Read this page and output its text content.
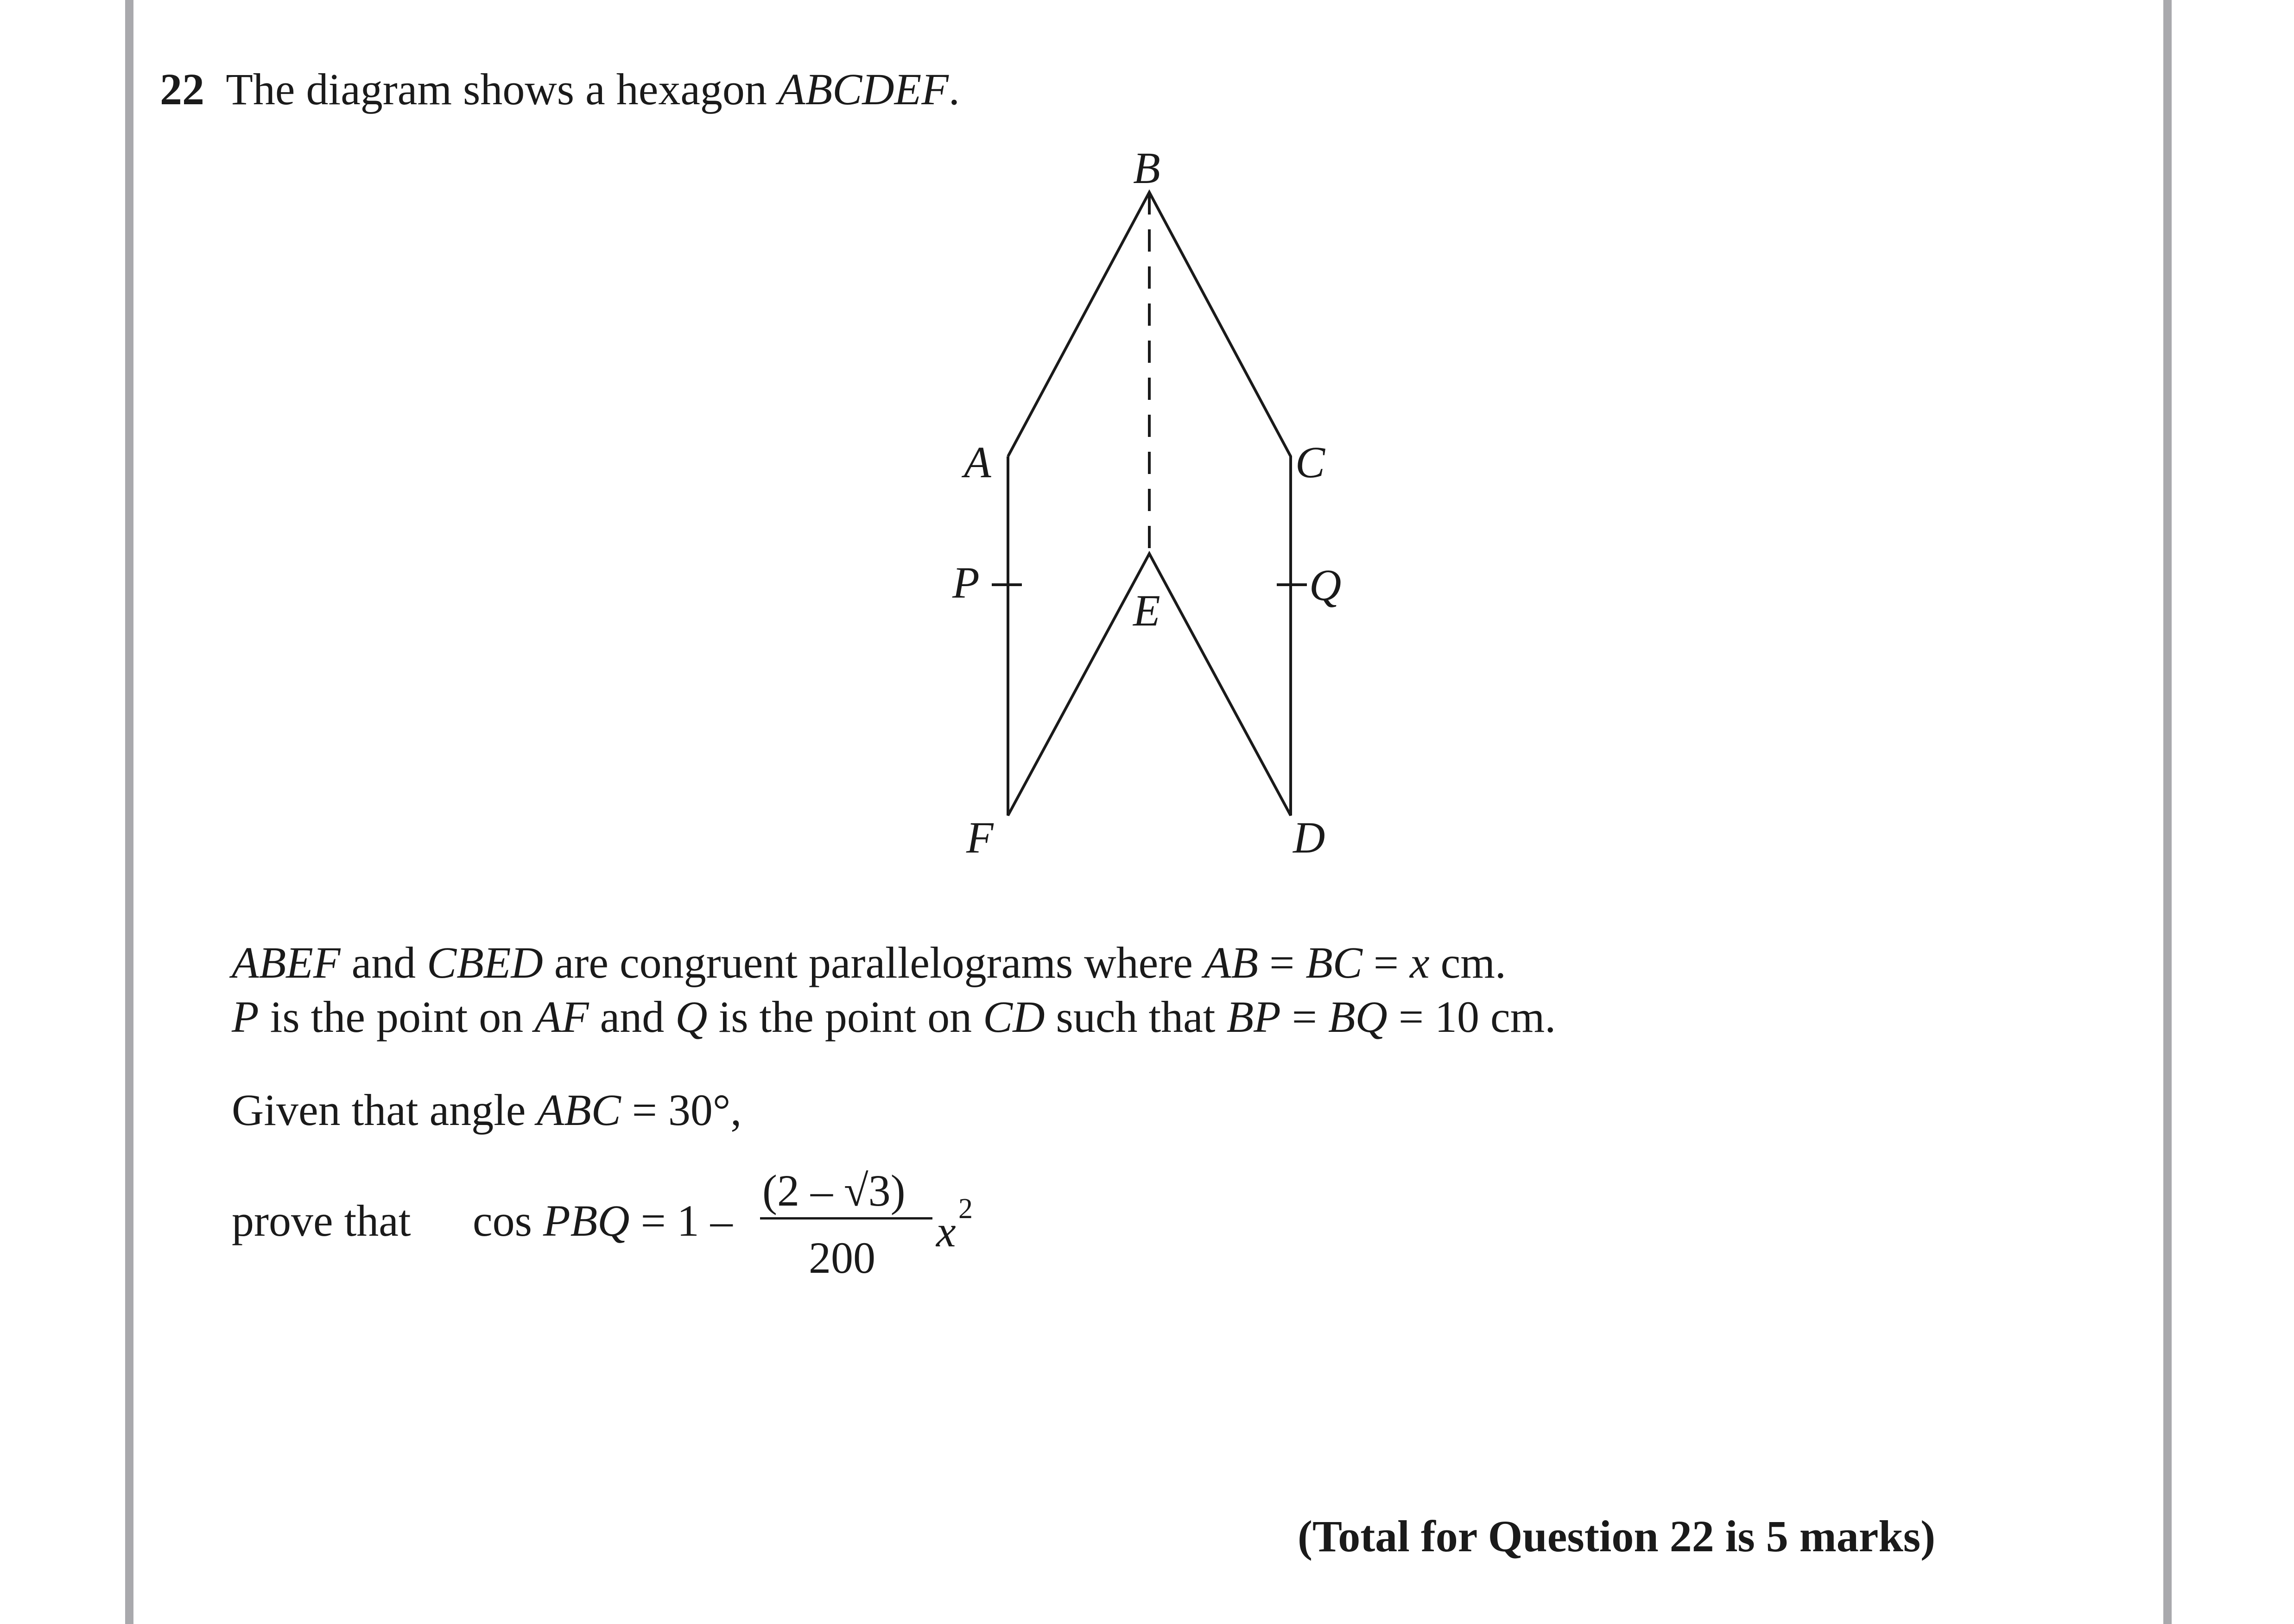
22 The diagram shows a hexagon ABCDEF.
B
A	C
P	Q
E
F	D
ABEF and CBED are congruent parallelograms where AB = BC = x cm.
P is the point on AF and Q is the point on CD such that BP = BQ = 10 cm.
Given that angle ABC = 30°,
prove that cos PBQ = 1 –
(2 – √3)
200
x 2
(Total for Question 22 is 5 marks)
